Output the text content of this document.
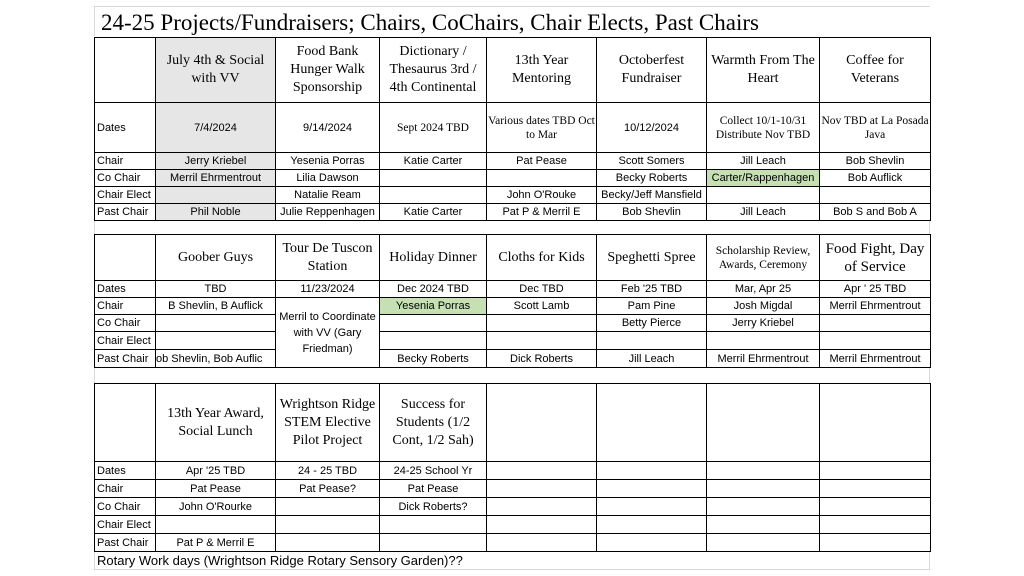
24-25 Projects/Fundraisers; Chairs, CoChairs, Chair Elects, Past Chairs
	July 4th & Social with VV	Food Bank Hunger Walk Sponsorship	Dictionary / Thesaurus 3rd / 4th Continental	13th Year Mentoring	Octoberfest Fundraiser	Warmth From The Heart	Coffee for Veterans
Dates	7/4/2024	9/14/2024	Sept 2024 TBD	Various dates TBD Oct to Mar	10/12/2024	Collect 10/1-10/31 Distribute Nov TBD	Nov TBD at La Posada Java
Chair	Jerry Kriebel	Yesenia Porras	Katie Carter	Pat Pease	Scott Somers	Jill Leach	Bob Shevlin
Co Chair	Merril Ehrmentrout	Lilia Dawson			Becky Roberts	Carter/Rappenhagen	Bob Auflick
Chair Elect		Natalie Ream		John O'Rouke	Becky/Jeff Mansfield		
Past Chair	Phil Noble	Julie Reppenhagen	Katie Carter	Pat P & Merril E	Bob Shevlin	Jill Leach	Bob S and Bob A
	Goober Guys	Tour De Tuscon Station	Holiday Dinner	Cloths for Kids	Speghetti Spree	Scholarship Review, Awards, Ceremony	Food Fight, Day of Service
Dates	TBD	11/23/2024	Dec 2024 TBD	Dec TBD	Feb '25 TBD	Mar, Apr 25	Apr ' 25 TBD
Chair	B Shevlin, B Auflick	Merril to Coordinate with VV (Gary Friedman)	Yesenia Porras	Scott Lamb	Pam Pine	Josh Migdal	Merril Ehrmentrout
Co Chair					Betty Pierce	Jerry Kriebel	
Chair Elect							
Past Chair	ob Shevlin, Bob Auflic		Becky Roberts	Dick Roberts	Jill Leach	Merril Ehrmentrout	Merril Ehrmentrout
	13th Year Award, Social Lunch	Wrightson Ridge STEM Elective Pilot Project	Success for Students (1/2 Cont, 1/2 Sah)				
Dates	Apr '25 TBD	24 - 25 TBD	24-25 School Yr				
Chair	Pat Pease	Pat Pease?	Pat Pease				
Co Chair	John O'Rourke		Dick Roberts?				
Chair Elect							
Past Chair	Pat P & Merril E						
Rotary Work days (Wrightson Ridge Rotary Sensory Garden)??
